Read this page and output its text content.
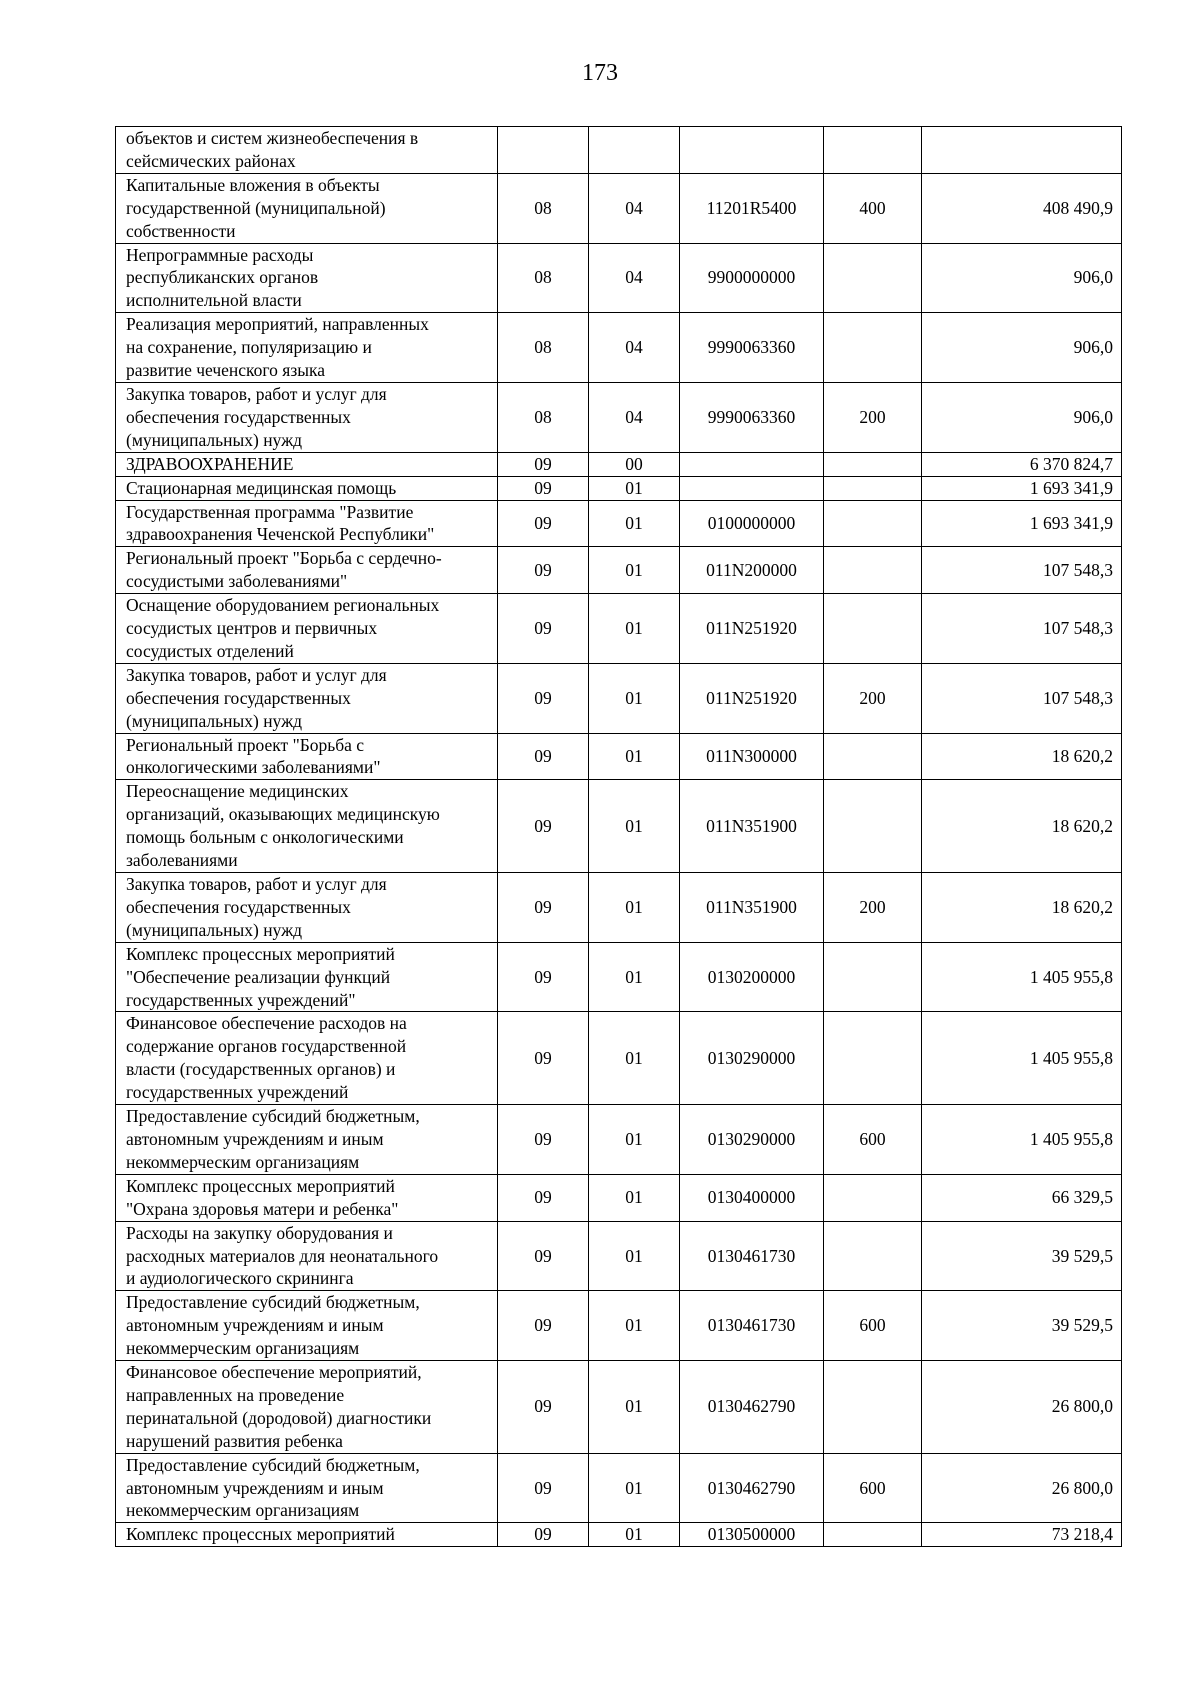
173
объектов и систем жизнеобеспечения в
сейсмических районах					
Капитальные вложения в объекты
государственной (муниципальной)
собственности	08	04	11201R5400	400	408 490,9
Непрограммные расходы
республиканских органов
исполнительной власти	08	04	9900000000		906,0
Реализация мероприятий, направленных
на сохранение, популяризацию и
развитие чеченского языка	08	04	9990063360		906,0
Закупка товаров, работ и услуг для
обеспечения государственных
(муниципальных) нужд	08	04	9990063360	200	906,0
ЗДРАВООХРАНЕНИЕ	09	00			6 370 824,7
Стационарная медицинская помощь	09	01			1 693 341,9
Государственная программа "Развитие
здравоохранения Чеченской Республики"	09	01	0100000000		1 693 341,9
Региональный проект "Борьба с сердечно-
сосудистыми заболеваниями"	09	01	011N200000		107 548,3
Оснащение оборудованием региональных
сосудистых центров и первичных
сосудистых отделений	09	01	011N251920		107 548,3
Закупка товаров, работ и услуг для
обеспечения государственных
(муниципальных) нужд	09	01	011N251920	200	107 548,3
Региональный проект "Борьба с
онкологическими заболеваниями"	09	01	011N300000		18 620,2
Переоснащение медицинских
организаций, оказывающих медицинскую
помощь больным с онкологическими
заболеваниями	09	01	011N351900		18 620,2
Закупка товаров, работ и услуг для
обеспечения государственных
(муниципальных) нужд	09	01	011N351900	200	18 620,2
Комплекс процессных мероприятий
"Обеспечение реализации функций
государственных учреждений"	09	01	0130200000		1 405 955,8
Финансовое обеспечение расходов на
содержание органов государственной
власти (государственных органов) и
государственных учреждений	09	01	0130290000		1 405 955,8
Предоставление субсидий бюджетным,
автономным учреждениям и иным
некоммерческим организациям	09	01	0130290000	600	1 405 955,8
Комплекс процессных мероприятий
"Охрана здоровья матери и ребенка"	09	01	0130400000		66 329,5
Расходы на закупку оборудования и
расходных материалов для неонатального
и аудиологического скрининга	09	01	0130461730		39 529,5
Предоставление субсидий бюджетным,
автономным учреждениям и иным
некоммерческим организациям	09	01	0130461730	600	39 529,5
Финансовое обеспечение мероприятий,
направленных на проведение
перинатальной (дородовой) диагностики
нарушений развития ребенка	09	01	0130462790		26 800,0
Предоставление субсидий бюджетным,
автономным учреждениям и иным
некоммерческим организациям	09	01	0130462790	600	26 800,0
Комплекс процессных мероприятий	09	01	0130500000		73 218,4
